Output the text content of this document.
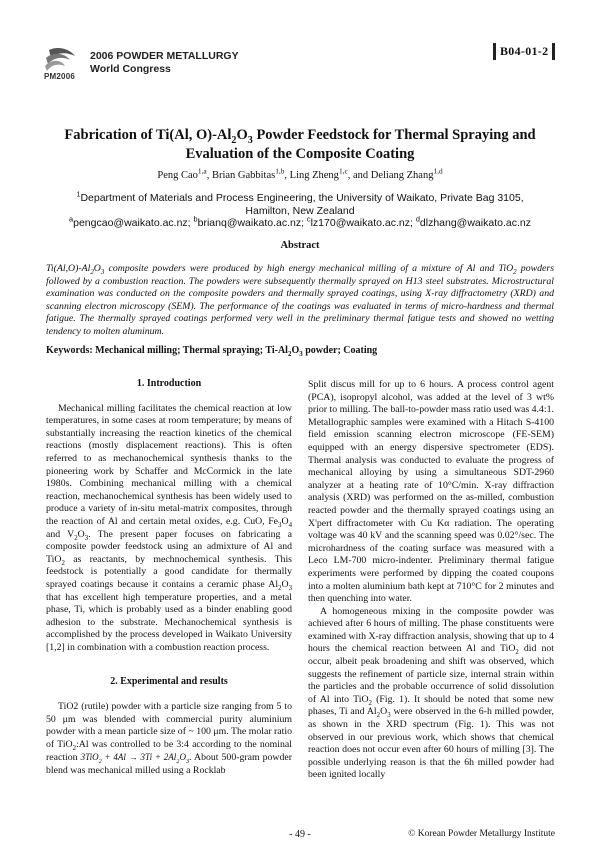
2006 POWDER METALLURGY
World Congress
PM2006
B04-01-2
Fabrication of Ti(Al, $O)-Al_2O_3$ Powder Feedstock for Thermal Spraying and
Evaluation of the Composite Coating
Peng Cao$^{1,a}$, Brian Gabbitas$^{1,b}$, Ling Zheng$^{1,c}$, and Deliang Zhang$^{1,d}$
$^1$Department of Materials and Process Engineering, the University of Waikato, Private Bag 3105,
Hamilton, New Zealand
$^a$pengcao@waikato.ac.nz; $^b$brianq@waikato.ac.nz; $^c$lz170@waikato.ac.nz; $^d$dlzhang@waikato.ac.nz
Abstract
$Ti(Al,O)-Al_2O_3$ composite powders were produced by high energy mechanical milling of a mixture of Al and TiO$_2$ powders followed by a combustion reaction. The powders were subsequently thermally sprayed on H13 steel substrates. Microstructural examination was conducted on the composite powders and thermally sprayed coatings, using X-ray diffractometry (XRD) and scanning electron microscopy (SEM). The performance of the coatings was evaluated in terms of micro-hardness and thermal fatigue. The thermally sprayed coatings performed very well in the preliminary thermal fatigue tests and showed no wetting tendency to molten aluminum.
Keywords: Mechanical milling; Thermal spraying; $Ti-Al_2O_3$ powder; Coating
1. Introduction

Mechanical milling facilitates the chemical reaction at low temperatures, in some cases at room temperature; by means of substantially increasing the reaction kinetics of the chemical reactions (mostly displacement reactions). This is often referred to as mechanochemical synthesis thanks to the pioneering work by Schaffer and McCormick in the late 1980s. Combining mechanical milling with a chemical reaction, mechanochemical synthesis has been widely used to produce a variety of in-situ metal-matrix composites, through the reaction of Al and certain metal oxides, e.g. CuO, $Fe_3O_4$ and $V_2O_3$. The present paper focuses on fabricating a composite powder feedstock using an admixture of Al and TiO$_2$ as reactants, by mechnochemical synthesis. This feedstock is potentially a good candidate for thermally sprayed coatings because it contains a ceramic phase $Al_2O_3$ that has excellent high temperature properties, and a metal phase, Ti, which is probably used as a binder enabling good adhesion to the substrate. Mechanochemical synthesis is accomplished by the process developed in Waikato University [1,2] in combination with a combustion reaction process.

2. Experimental and results

TiO2 (rutile) powder with a particle size ranging from 5 to 50 μm was blended with commercial purity aluminium powder with a mean particle size of ~ 100 μm. The molar ratio of TiO$_2$:Al was controlled to be 3:4 according to the nominal reaction $3TiO_2 + 4Al \to 3Ti + 2Al_2O_3$. About 500-gram powder blend was mechanical milled using a Rocklab

Split discus mill for up to 6 hours. A process control agent (PCA), isopropyl alcohol, was added at the level of 3 wt% prior to milling. The ball-to-powder mass ratio used was 4.4:1. Metallographic samples were examined with a Hitach S-4100 field emission scanning electron microscope (FE-SEM) equipped with an energy dispersive spectrometer (EDS). Thermal analysis was conducted to evaluate the progress of mechanical alloying by using a simultaneous SDT-2960 analyzer at a heating rate of 10°C/min. X-ray diffraction analysis (XRD) was performed on the as-milled, combustion reacted powder and the thermally sprayed coatings using an X'pert diffractometer with Cu Kα radiation. The operating voltage was 40 kV and the scanning speed was 0.02°/sec. The microhardness of the coating surface was measured with a Leco LM-700 micro-indenter. Preliminary thermal fatigue experiments were performed by dipping the coated coupons into a molten aluminium bath kept at 710°C for 2 minutes and then quenching into water.

A homogeneous mixing in the composite powder was achieved after 6 hours of milling. The phase constituents were examined with X-ray diffraction analysis, showing that up to 4 hours the chemical reaction between Al and TiO$_2$ did not occur, albeit peak broadening and shift was observed, which suggests the refinement of particle size, internal strain within the particles and the probable occurrence of solid dissolution of Al into TiO$_2$ (Fig. 1). It should be noted that some new phases, Ti and $Al_2O_3$ were observed in the 6-h milled powder, as shown in the XRD spectrum (Fig. 1). This was not observed in our previous work, which shows that chemical reaction does not occur even after 60 hours of milling [3]. The possible underlying reason is that the 6h milled powder had been ignited locally

- 49 -	© Korean Powder Metallurgy Institute
